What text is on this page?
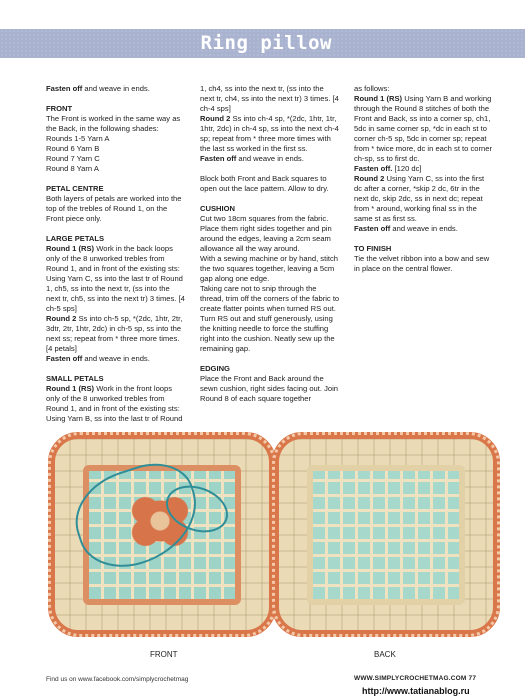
Ring pillow

Fasten off and weave in ends.

FRONT

The Front is worked in the same way as the Back, in the following shades:

Rounds 1-5 Yarn A

Round 6 Yarn B

Round 7 Yarn C

Round 8 Yarn A

PETAL CENTRE

Both layers of petals are worked into the top of the trebles of Round 1, on the Front piece only.

LARGE PETALS

Round 1 (RS) Work in the back loops only of the 8 unworked trebles from Round 1, and in front of the existing sts: Using Yarn C, ss into the last tr of Round 1, ch5, ss into the next tr, (ss into the next tr, ch5, ss into the next tr) 3 times. [4 ch-5 sps]

Round 2 Ss into ch-5 sp, *(2dc, 1htr, 2tr, 3dtr, 2tr, 1htr, 2dc) in ch-5 sp, ss into the next ss; repeat from * three more times. [4 petals]

Fasten off and weave in ends.

SMALL PETALS

Round 1 (RS) Work in the front loops only of the 8 unworked trebles from Round 1, and in front of the existing sts: Using Yarn B, ss into the last tr of Round

1, ch4, ss into the next tr, (ss into the next tr, ch4, ss into the next tr) 3 times. [4 ch-4 sps]

Round 2 Ss into ch-4 sp, *(2dc, 1htr, 1tr, 1htr, 2dc) in ch-4 sp, ss into the next ch-4 sp; repeat from * three more times with the last ss worked in the first ss.

Fasten off and weave in ends.

Block both Front and Back squares to open out the lace pattern. Allow to dry.

CUSHION

Cut two 18cm squares from the fabric. Place them right sides together and pin around the edges, leaving a 2cm seam allowance all the way around.

With a sewing machine or by hand, stitch the two squares together, leaving a 5cm gap along one edge.

Taking care not to snip through the thread, trim off the corners of the fabric to create flatter points when turned RS out.

Turn RS out and stuff generously, using the knitting needle to force the stuffing right into the cushion. Neatly sew up the remaining gap.

EDGING

Place the Front and Back around the sewn cushion, right sides facing out. Join Round 8 of each square together

as follows:

Round 1 (RS) Using Yarn B and working through the Round 8 stitches of both the Front and Back, ss into a corner sp, ch1, 5dc in same corner sp, *dc in each st to corner ch-5 sp, 5dc in corner sp; repeat from * twice more, dc in each st to corner ch-sp, ss to first dc.

Fasten off. [120 dc]

Round 2 Using Yarn C, ss into the first dc after a corner, *skip 2 dc, 6tr in the next dc, skip 2dc, ss in next dc; repeat from * around, working final ss in the same st as first ss.

Fasten off and weave in ends.

TO FINISH

Tie the velvet ribbon into a bow and sew in place on the central flower.

FRONT	BACK
Find us on www.facebook.com/simplycrochetmag	WWW.SIMPLYCROCHETMAG.COM 77
http://www.tatianablog.ru
